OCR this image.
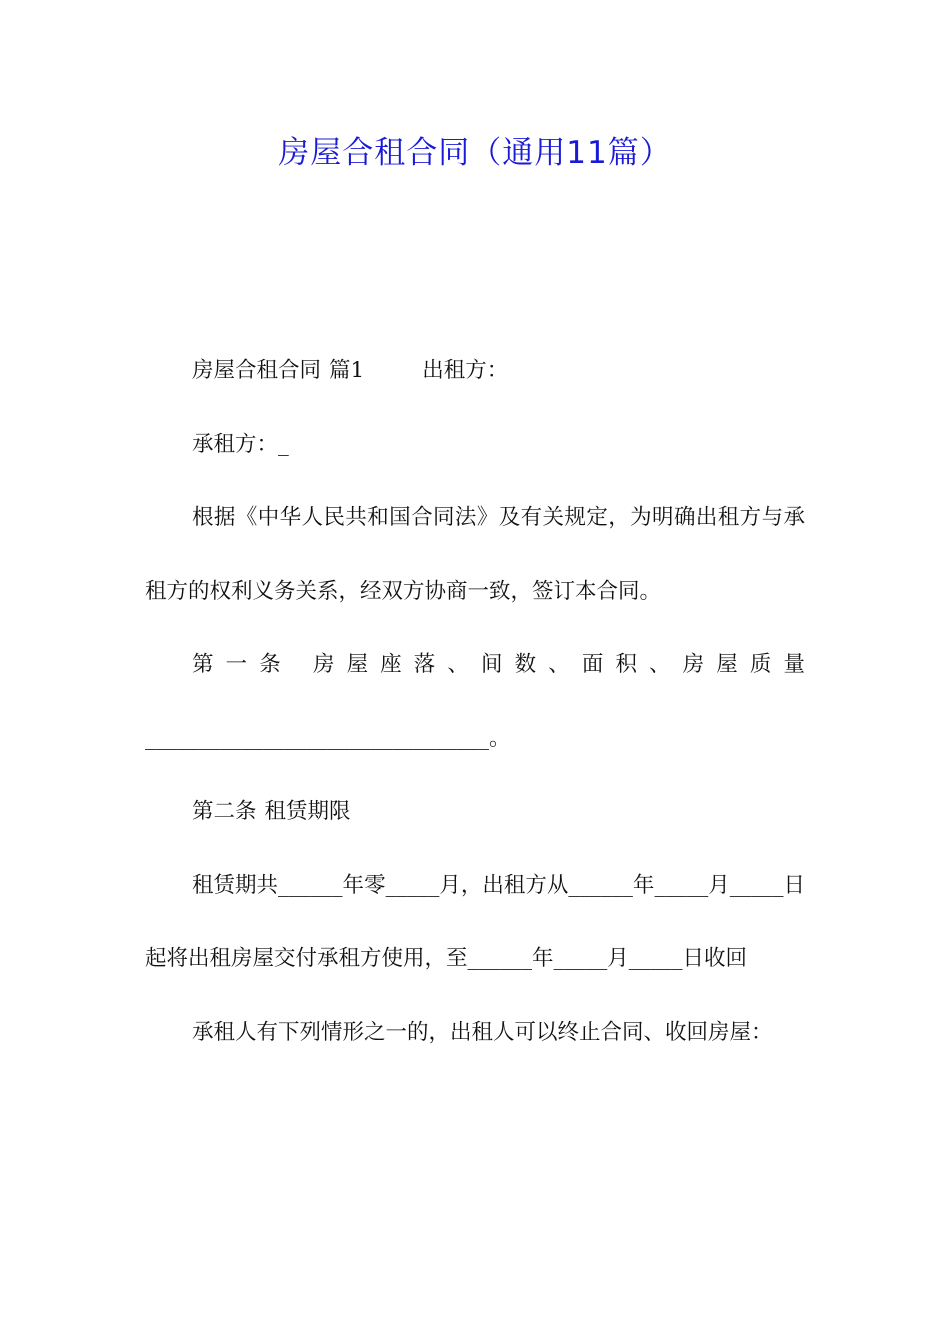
房屋合租合同（通用11篇）

房屋合租合同 篇1	出租方：

承租方：_

根据《中华人民共和国合同法》及有关规定，为明确出租方与承租方的权利义务关系，经双方协商一致，签订本合同。

第一条 房屋座落、间数、面积、房屋质量________________________________。

第二条 租赁期限

租赁期共______年零_____月，出租方从______年_____月_____日起将出租房屋交付承租方使用，至______年_____月_____日收回

承租人有下列情形之一的，出租人可以终止合同、收回房屋：
